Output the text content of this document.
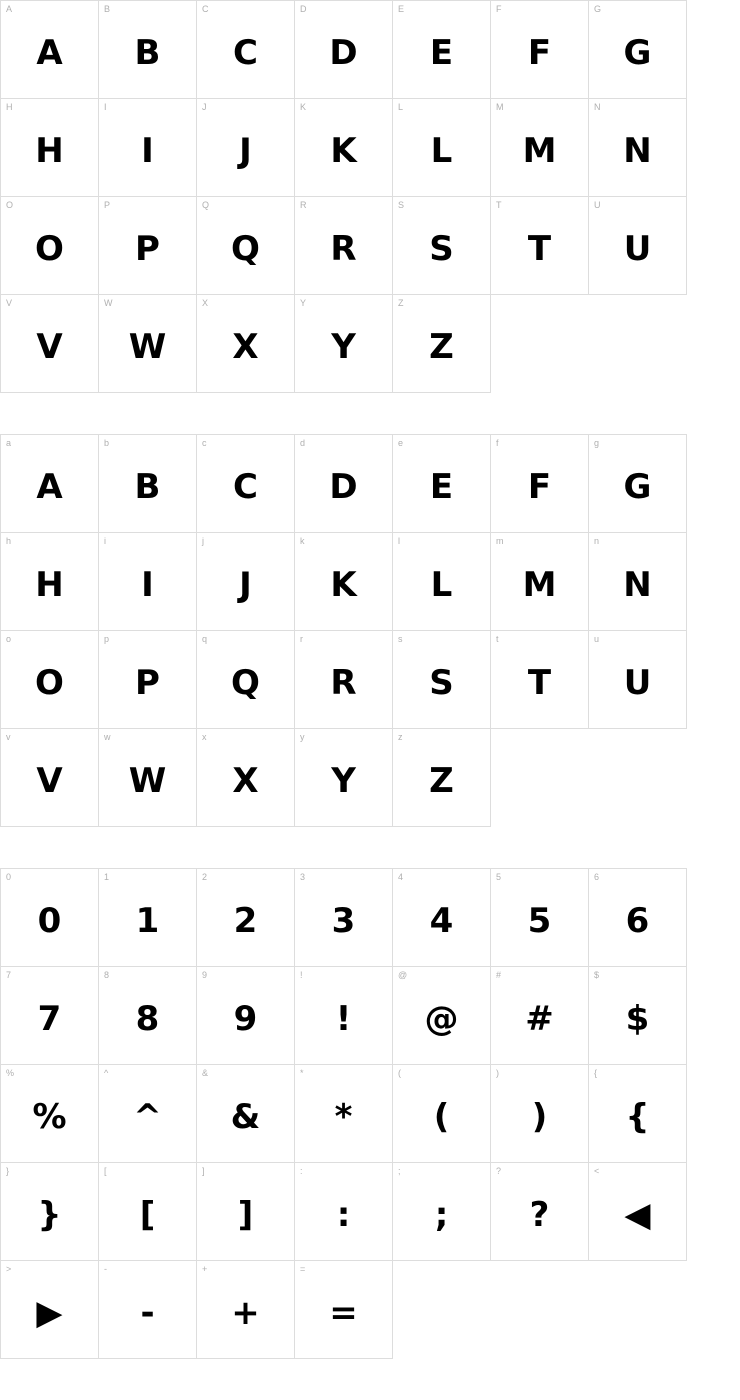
A
A
B
B
C
C
D
D
E
E
F
F
G
G
H
H
I
I
J
J
K
K
L
L
M
M
N
N
O
O
P
P
Q
Q
R
R
S
S
T
T
U
U
V
V
W
W
X
X
Y
Y
Z
Z
a
A
b
B
c
C
d
D
e
E
f
F
g
G
h
H
i
I
j
J
k
K
l
L
m
M
n
N
o
O
p
P
q
Q
r
R
s
S
t
T
u
U
v
V
w
W
x
X
y
Y
z
Z
0
0
1
1
2
2
3
3
4
4
5
5
6
6
7
7
8
8
9
9
!
!
@
@
#
#
$
$
%
%
^
^
&
&
*
*
(
(
)
)
{
{
}
}
[
[
]
]
:
:
;
;
?
?
<
◀
>
▶
-
-
+
+
=
=
